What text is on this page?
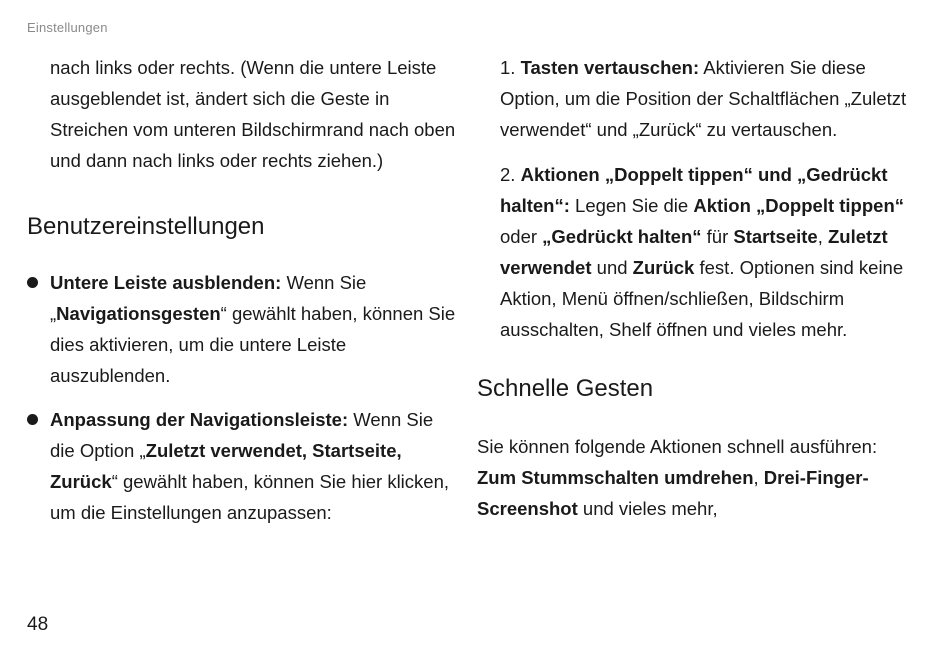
Einstellungen

nach links oder rechts. (Wenn die untere Leiste ausgeblendet ist, ändert sich die Geste in Streichen vom unteren Bildschirmrand nach oben und dann nach links oder rechts ziehen.)

Benutzereinstellungen

Untere Leiste ausblenden: Wenn Sie „Navigationsgesten“ gewählt haben, können Sie dies aktivieren, um die untere Leiste auszublenden.

Anpassung der Navigationsleiste: Wenn Sie die Option „Zuletzt verwendet, Startseite, Zurück“ gewählt haben, können Sie hier klicken, um die Einstellungen anzupassen:

1. Tasten vertauschen: Aktivieren Sie diese Option, um die Position der Schaltflächen „Zuletzt verwendet“ und „Zurück“ zu vertauschen.

2. Aktionen „Doppelt tippen“ und „Gedrückt halten“: Legen Sie die Aktion „Doppelt tippen“ oder „Gedrückt halten“ für Startseite, Zuletzt verwendet und Zurück fest. Optionen sind keine Aktion, Menü öffnen/schließen, Bildschirm ausschalten, Shelf öffnen und vieles mehr.

Schnelle Gesten

Sie können folgende Aktionen schnell ausführen: Zum Stummschalten umdrehen, Drei-Finger-Screenshot und vieles mehr,

48
